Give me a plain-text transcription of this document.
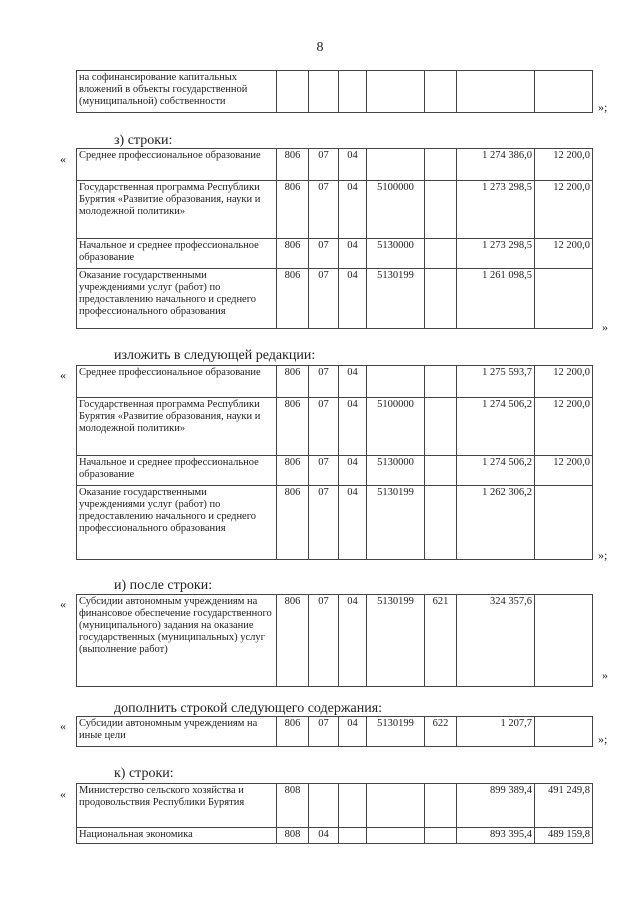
8
на софинансирование капитальных вложений в объекты государственной (муниципальной) собственности								»;
з) строки:
« Среднее профессиональное образование	806	07	04			1 274 386,0	12 200,0
Государственная программа Республики Бурятия «Развитие образования, науки и молодежной политики»	806	07	04	5100000		1 273 298,5	12 200,0
Начальное и среднее профессиональное образование	806	07	04	5130000		1 273 298,5	12 200,0
Оказание государственными учреждениями услуг (работ) по предоставлению начального и среднего профессионального образования	806	07	04	5130199		1 261 098,5	
»
изложить в следующей редакции:
« Среднее профессиональное образование	806	07	04			1 275 593,7	12 200,0
Государственная программа Республики Бурятия «Развитие образования, науки и молодежной политики»	806	07	04	5100000		1 274 506,2	12 200,0
Начальное и среднее профессиональное образование	806	07	04	5130000		1 274 506,2	12 200,0
Оказание государственными учреждениями услуг (работ) по предоставлению начального и среднего профессионального образования	806	07	04	5130199		1 262 306,2	
»;
и) после строки:
« Субсидии автономным учреждениям на финансовое обеспечение государственного (муниципального) задания на оказание государственных (муниципальных) услуг (выполнение работ)	806	07	04	5130199	621	324 357,6	
»
дополнить строкой следующего содержания:
« Субсидии автономным учреждениям на иные цели	806	07	04	5130199	622	1 207,7	
»;
к) строки:
« Министерство сельского хозяйства и продовольствия Республики Бурятия	808					899 389,4	491 249,8
Национальная экономика	808	04				893 395,4	489 159,8
